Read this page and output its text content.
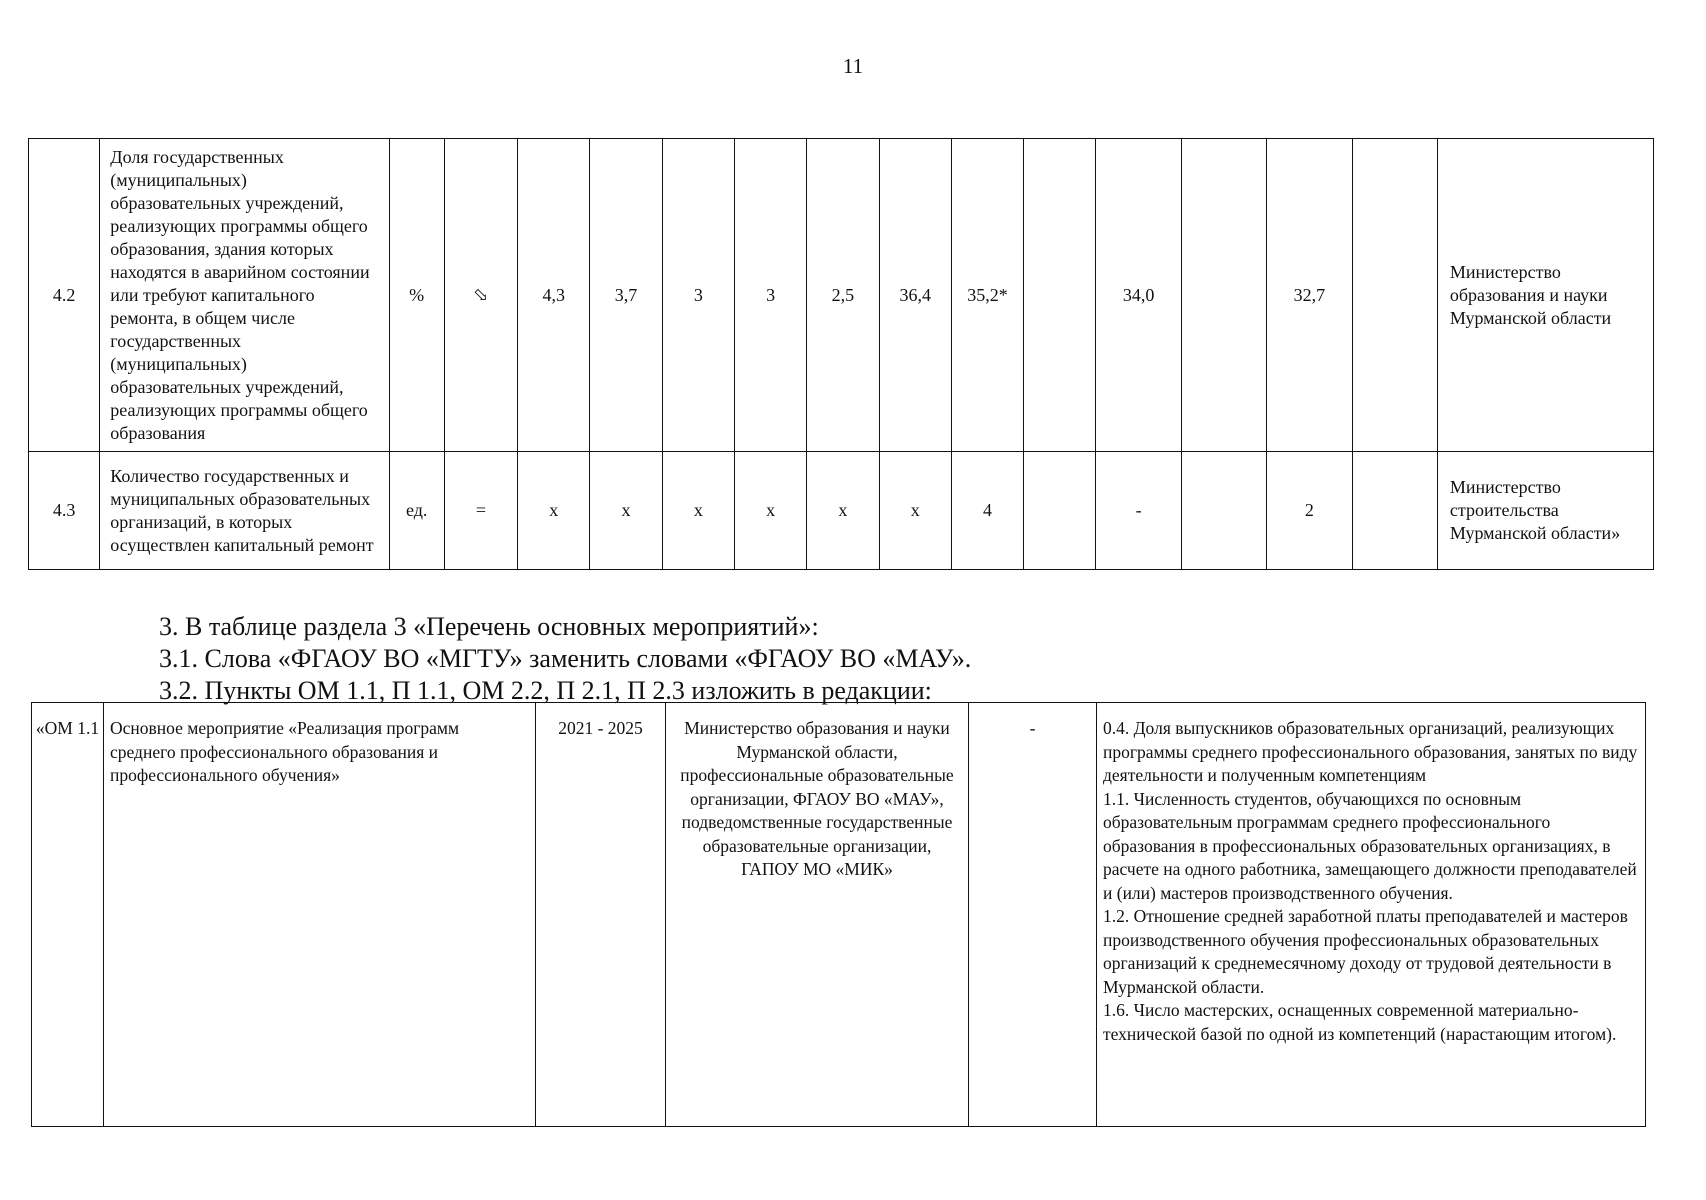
11
4.2	Доля государственных (муниципальных) образовательных учреждений, реализующих программы общего образования, здания которых находятся в аварийном состоянии или требуют капитального ремонта, в общем числе государственных (муниципальных) образовательных учреждений, реализующих программы общего образования	%	⬂	4,3	3,7	3	3	2,5	36,4	35,2*		34,0		32,7		Министерство образования и науки Мурманской области
4.3	Количество государственных и муниципальных образовательных организаций, в которых осуществлен капитальный ремонт	ед.	=	х	х	х	х	х	х	4		-		2		Министерство строительства Мурманской области»
3. В таблице раздела 3 «Перечень основных мероприятий»:
3.1. Слова «ФГАОУ ВО «МГТУ» заменить словами «ФГАОУ ВО «МАУ».
3.2. Пункты ОМ 1.1, П 1.1, ОМ 2.2, П 2.1, П 2.3 изложить в редакции:
«ОМ 1.1	Основное мероприятие «Реализация программ среднего профессионального образования и профессионального обучения»	2021 - 2025	Министерство образования и науки Мурманской области, профессиональные образовательные организации, ФГАОУ ВО «МАУ», подведомственные государственные образовательные организации, ГАПОУ МО «МИК»	-	0.4. Доля выпускников образовательных организаций, реализующих программы среднего профессионального образования, занятых по виду деятельности и полученным компетенциям
1.1. Численность студентов, обучающихся по основным образовательным программам среднего профессионального образования в профессиональных образовательных организациях, в расчете на одного работника, замещающего должности преподавателей и (или) мастеров производственного обучения.
1.2. Отношение средней заработной платы преподавателей и мастеров производственного обучения профессиональных образовательных организаций к среднемесячному доходу от трудовой деятельности в Мурманской области.
1.6. Число мастерских, оснащенных современной материально-технической базой по одной из компетенций (нарастающим итогом).
